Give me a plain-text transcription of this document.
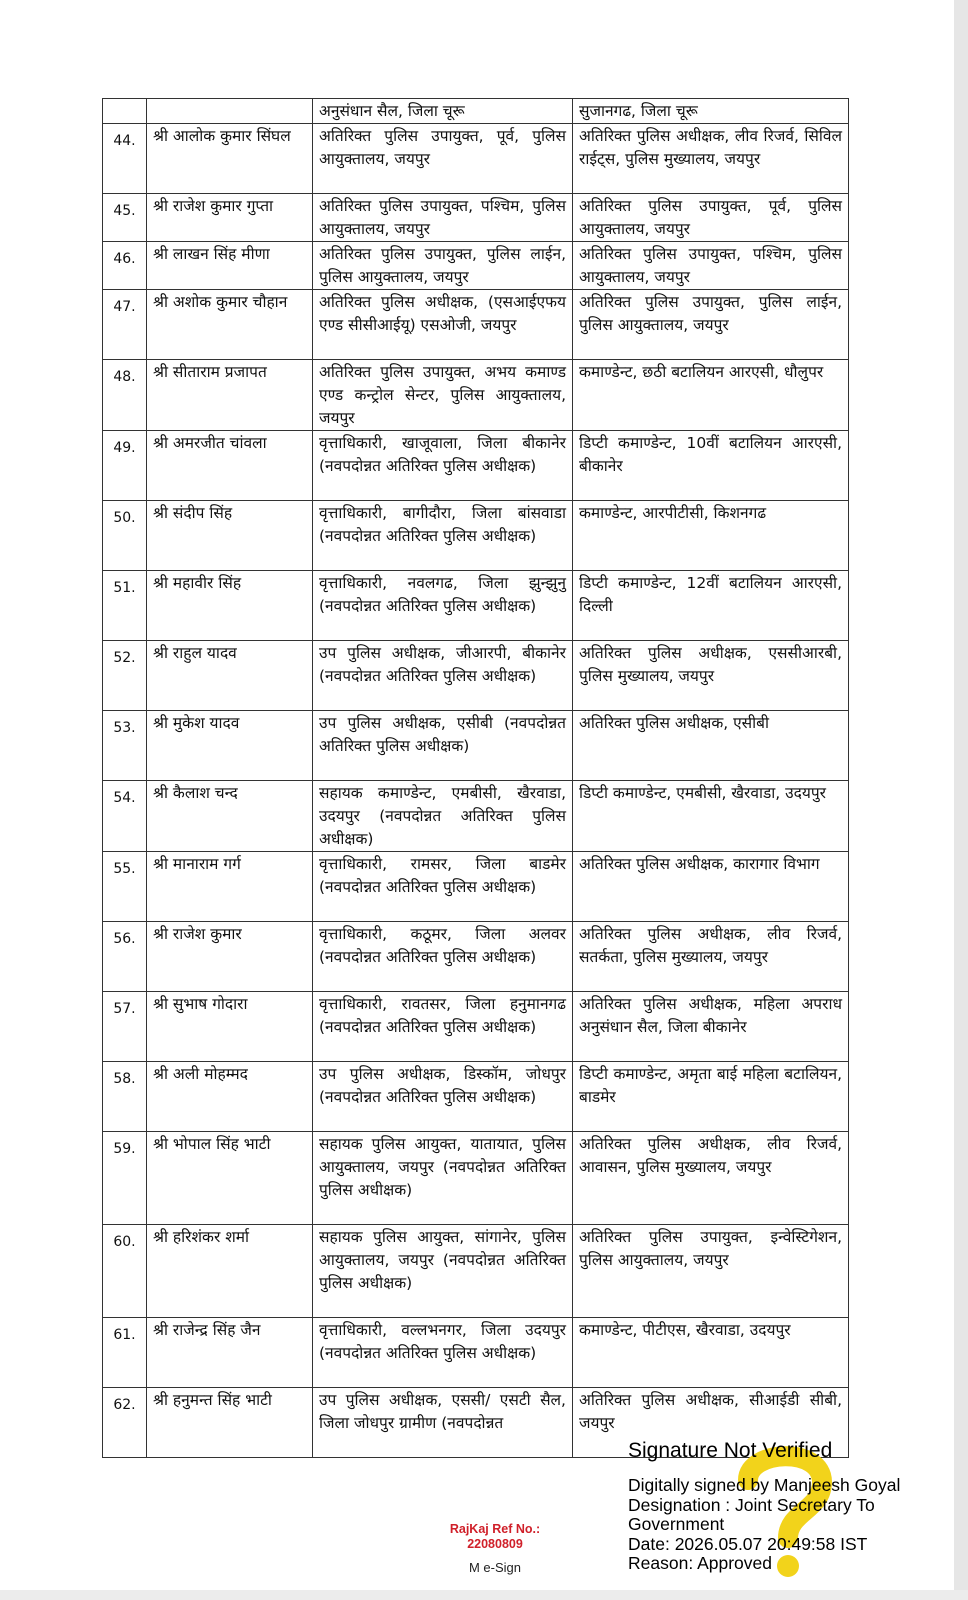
		अनुसंधान सैल, जिला चूरू	सुजानगढ, जिला चूरू
44.	श्री आलोक कुमार सिंघल	अतिरिक्त पुलिस उपायुक्त, पूर्व, पुलिस आयुक्तालय, जयपुर	अतिरिक्त पुलिस अधीक्षक, लीव रिजर्व, सिविल राईट्स, पुलिस मुख्यालय, जयपुर
45.	श्री राजेश कुमार गुप्ता	अतिरिक्त पुलिस उपायुक्त, पश्चिम, पुलिस आयुक्तालय, जयपुर	अतिरिक्त पुलिस उपायुक्त, पूर्व, पुलिस आयुक्तालय, जयपुर
46.	श्री लाखन सिंह मीणा	अतिरिक्त पुलिस उपायुक्त, पुलिस लाईन, पुलिस आयुक्तालय, जयपुर	अतिरिक्त पुलिस उपायुक्त, पश्चिम, पुलिस आयुक्तालय, जयपुर
47.	श्री अशोक कुमार चौहान	अतिरिक्त पुलिस अधीक्षक, (एसआईएफय एण्ड सीसीआईयू) एसओजी, जयपुर	अतिरिक्त पुलिस उपायुक्त, पुलिस लाईन, पुलिस आयुक्तालय, जयपुर
48.	श्री सीताराम प्रजापत	अतिरिक्त पुलिस उपायुक्त, अभय कमाण्ड एण्ड कन्ट्रोल सेन्टर, पुलिस आयुक्तालय, जयपुर	कमाण्डेन्ट, छठी बटालियन आरएसी, धौलुपर
49.	श्री अमरजीत चांवला	वृत्ताधिकारी, खाजूवाला, जिला बीकानेर (नवपदोन्नत अतिरिक्त पुलिस अधीक्षक)	डिप्टी कमाण्डेन्ट, 10वीं बटालियन आरएसी, बीकानेर
50.	श्री संदीप सिंह	वृत्ताधिकारी, बागीदौरा, जिला बांसवाडा (नवपदोन्नत अतिरिक्त पुलिस अधीक्षक)	कमाण्डेन्ट, आरपीटीसी, किशनगढ
51.	श्री महावीर सिंह	वृत्ताधिकारी, नवलगढ, जिला झुन्झुनु (नवपदोन्नत अतिरिक्त पुलिस अधीक्षक)	डिप्टी कमाण्डेन्ट, 12वीं बटालियन आरएसी, दिल्ली
52.	श्री राहुल यादव	उप पुलिस अधीक्षक, जीआरपी, बीकानेर (नवपदोन्नत अतिरिक्त पुलिस अधीक्षक)	अतिरिक्त पुलिस अधीक्षक, एससीआरबी, पुलिस मुख्यालय, जयपुर
53.	श्री मुकेश यादव	उप पुलिस अधीक्षक, एसीबी (नवपदोन्नत अतिरिक्त पुलिस अधीक्षक)	अतिरिक्त पुलिस अधीक्षक, एसीबी
54.	श्री कैलाश चन्द	सहायक कमाण्डेन्ट, एमबीसी, खैरवाडा, उदयपुर (नवपदोन्नत अतिरिक्त पुलिस अधीक्षक)	डिप्टी कमाण्डेन्ट, एमबीसी, खैरवाडा, उदयपुर
55.	श्री मानाराम गर्ग	वृत्ताधिकारी, रामसर, जिला बाडमेर (नवपदोन्नत अतिरिक्त पुलिस अधीक्षक)	अतिरिक्त पुलिस अधीक्षक, कारागार विभाग
56.	श्री राजेश कुमार	वृत्ताधिकारी, कठूमर, जिला अलवर (नवपदोन्नत अतिरिक्त पुलिस अधीक्षक)	अतिरिक्त पुलिस अधीक्षक, लीव रिजर्व, सतर्कता, पुलिस मुख्यालय, जयपुर
57.	श्री सुभाष गोदारा	वृत्ताधिकारी, रावतसर, जिला हनुमानगढ (नवपदोन्नत अतिरिक्त पुलिस अधीक्षक)	अतिरिक्त पुलिस अधीक्षक, महिला अपराध अनुसंधान सैल, जिला बीकानेर
58.	श्री अली मोहम्मद	उप पुलिस अधीक्षक, डिस्कॉम, जोधपुर (नवपदोन्नत अतिरिक्त पुलिस अधीक्षक)	डिप्टी कमाण्डेन्ट, अमृता बाई महिला बटालियन, बाडमेर
59.	श्री भोपाल सिंह भाटी	सहायक पुलिस आयुक्त, यातायात, पुलिस आयुक्तालय, जयपुर (नवपदोन्नत अतिरिक्त पुलिस अधीक्षक)	अतिरिक्त पुलिस अधीक्षक, लीव रिजर्व, आवासन, पुलिस मुख्यालय, जयपुर
60.	श्री हरिशंकर शर्मा	सहायक पुलिस आयुक्त, सांगानेर, पुलिस आयुक्तालय, जयपुर (नवपदोन्नत अतिरिक्त पुलिस अधीक्षक)	अतिरिक्त पुलिस उपायुक्त, इन्वेस्टिगेशन, पुलिस आयुक्तालय, जयपुर
61.	श्री राजेन्द्र सिंह जैन	वृत्ताधिकारी, वल्लभनगर, जिला उदयपुर (नवपदोन्नत अतिरिक्त पुलिस अधीक्षक)	कमाण्डेन्ट, पीटीएस, खैरवाडा, उदयपुर
62.	श्री हनुमन्त सिंह भाटी	उप पुलिस अधीक्षक, एससी/ एसटी सैल, जिला जोधपुर ग्रामीण (नवपदोन्नत	अतिरिक्त पुलिस अधीक्षक, सीआईडी सीबी, जयपुर
RajKaj Ref No.:
22080809
M e-Sign
Signature Not Verified
Digitally signed by Manjeesh Goyal
Designation : Joint Secretary To
Government
Date: 2026.05.07 20:49:58 IST
Reason: Approved
